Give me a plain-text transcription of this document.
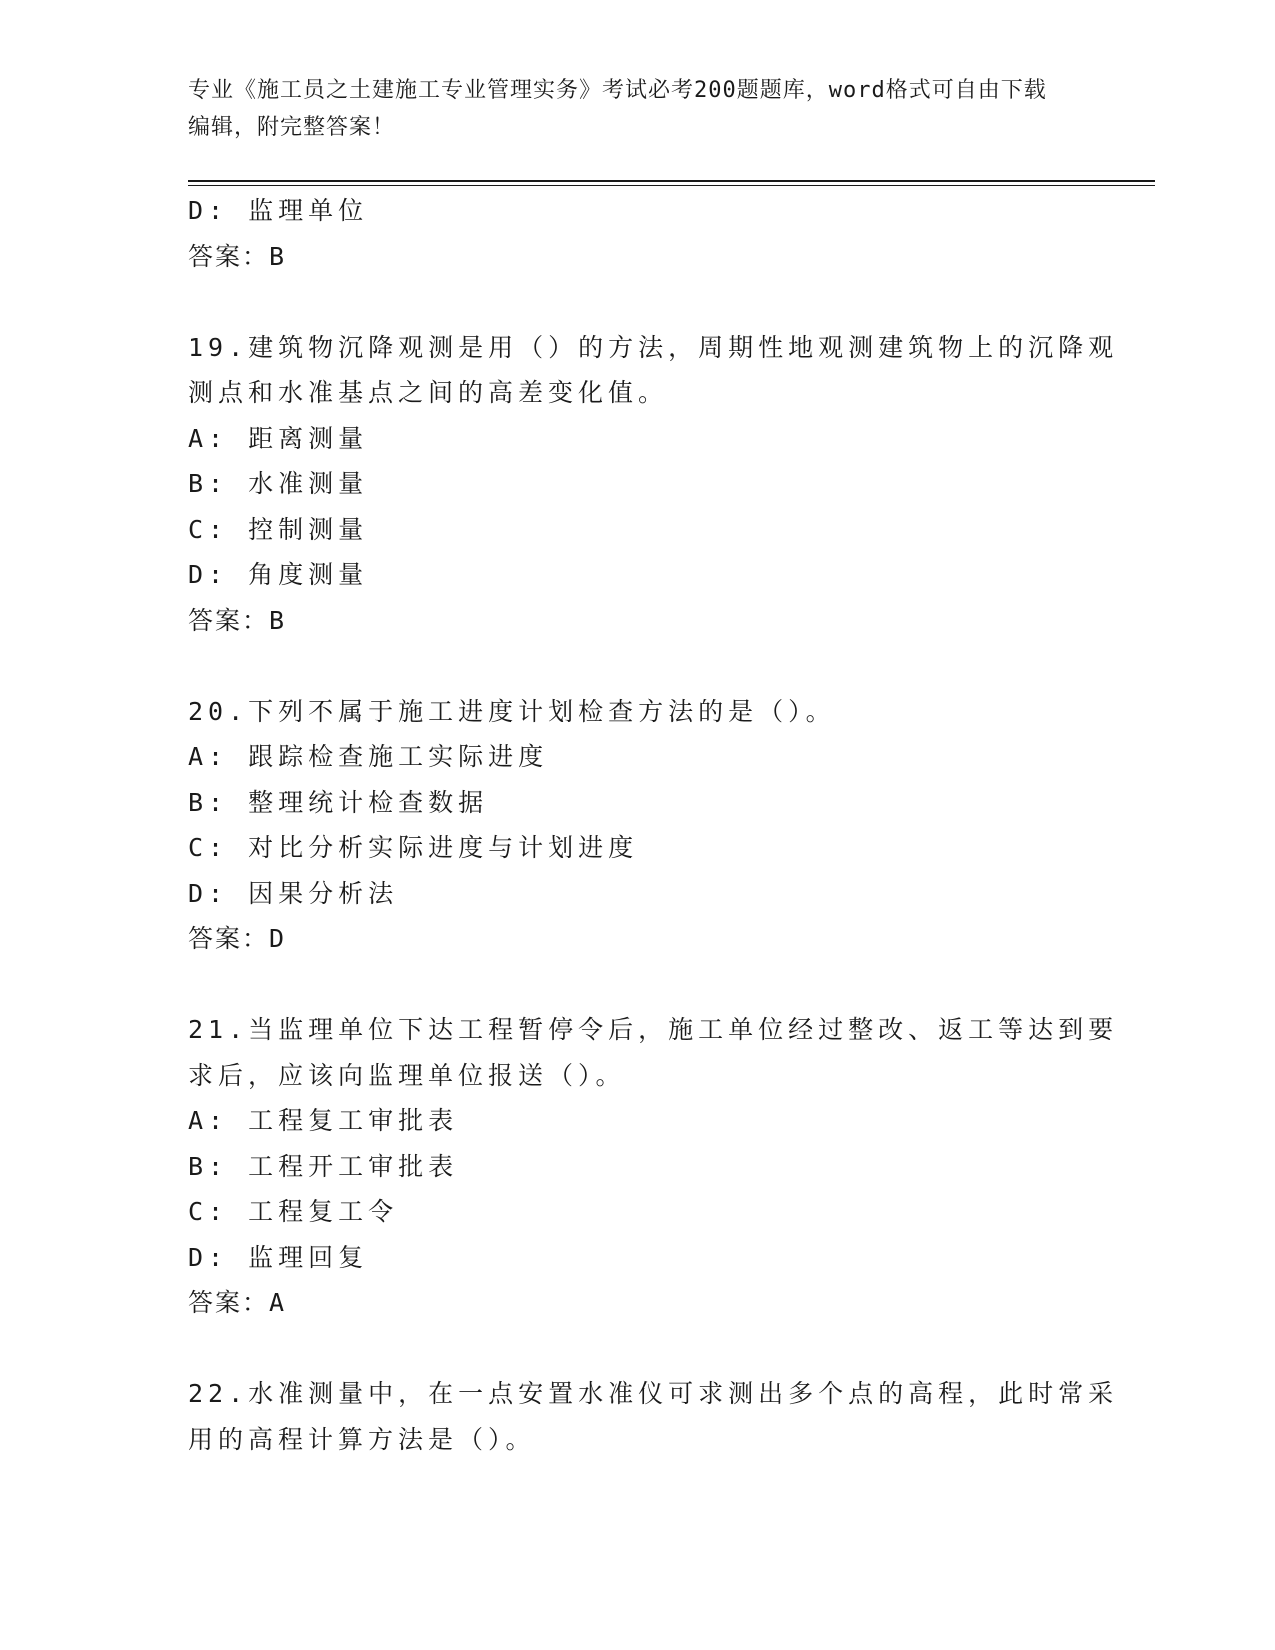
专业《施工员之土建施工专业管理实务》考试必考200题题库，word格式可自由下载编辑，附完整答案！
D: 监理单位
答案：B
19.建筑物沉降观测是用（）的方法，周期性地观测建筑物上的沉降观
测点和水准基点之间的高差变化值。
A: 距离测量
B: 水准测量
C: 控制测量
D: 角度测量
答案：B
20.下列不属于施工进度计划检查方法的是（）。
A: 跟踪检查施工实际进度
B: 整理统计检查数据
C: 对比分析实际进度与计划进度
D: 因果分析法
答案：D
21.当监理单位下达工程暂停令后，施工单位经过整改、返工等达到要
求后，应该向监理单位报送（）。
A: 工程复工审批表
B: 工程开工审批表
C: 工程复工令
D: 监理回复
答案：A
22.水准测量中，在一点安置水准仪可求测出多个点的高程，此时常采
用的高程计算方法是（）。
